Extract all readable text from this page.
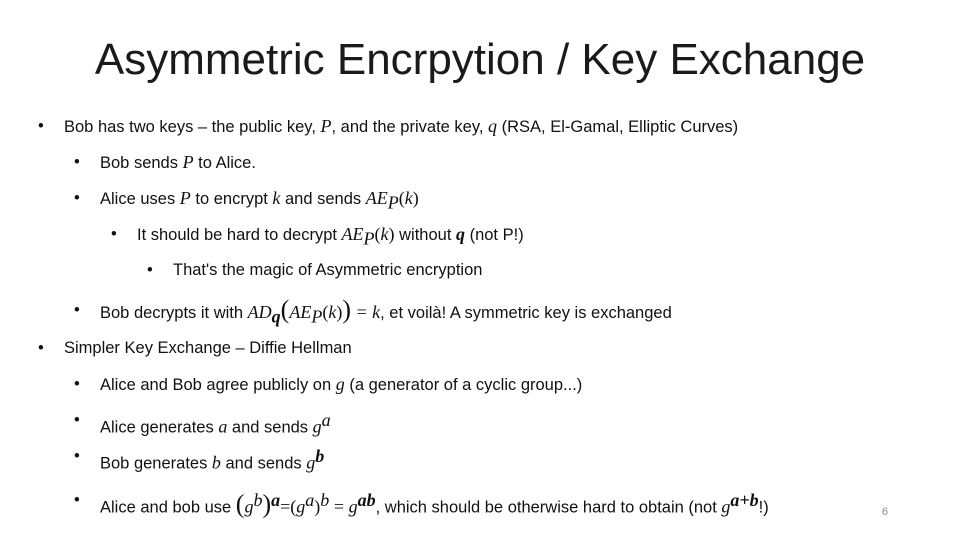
Asymmetric Encrpytion / Key Exchange
• Bob has two keys – the public key, P, and the private key, q (RSA, El-Gamal, Elliptic Curves)
• Bob sends P to Alice.
• Alice uses P to encrypt k and sends $AE_P(k)$
• It should be hard to decrypt $AE_P(k)$ without q (not P!)
• That's the magic of Asymmetric encryption
• Bob decrypts it with $AD_q(AE_P(k)) = k$, et voilà! A symmetric key is exchanged
• Simpler Key Exchange – Diffie Hellman
• Alice and Bob agree publicly on g (a generator of a cyclic group...)
• Alice generates a and sends $g^a$
• Bob generates b and sends $g^b$
• Alice and bob use $(g^b)^a=(g^a)^b = g^{ab}$, which should be otherwise hard to obtain (not $g^{a+b}$!)	6
